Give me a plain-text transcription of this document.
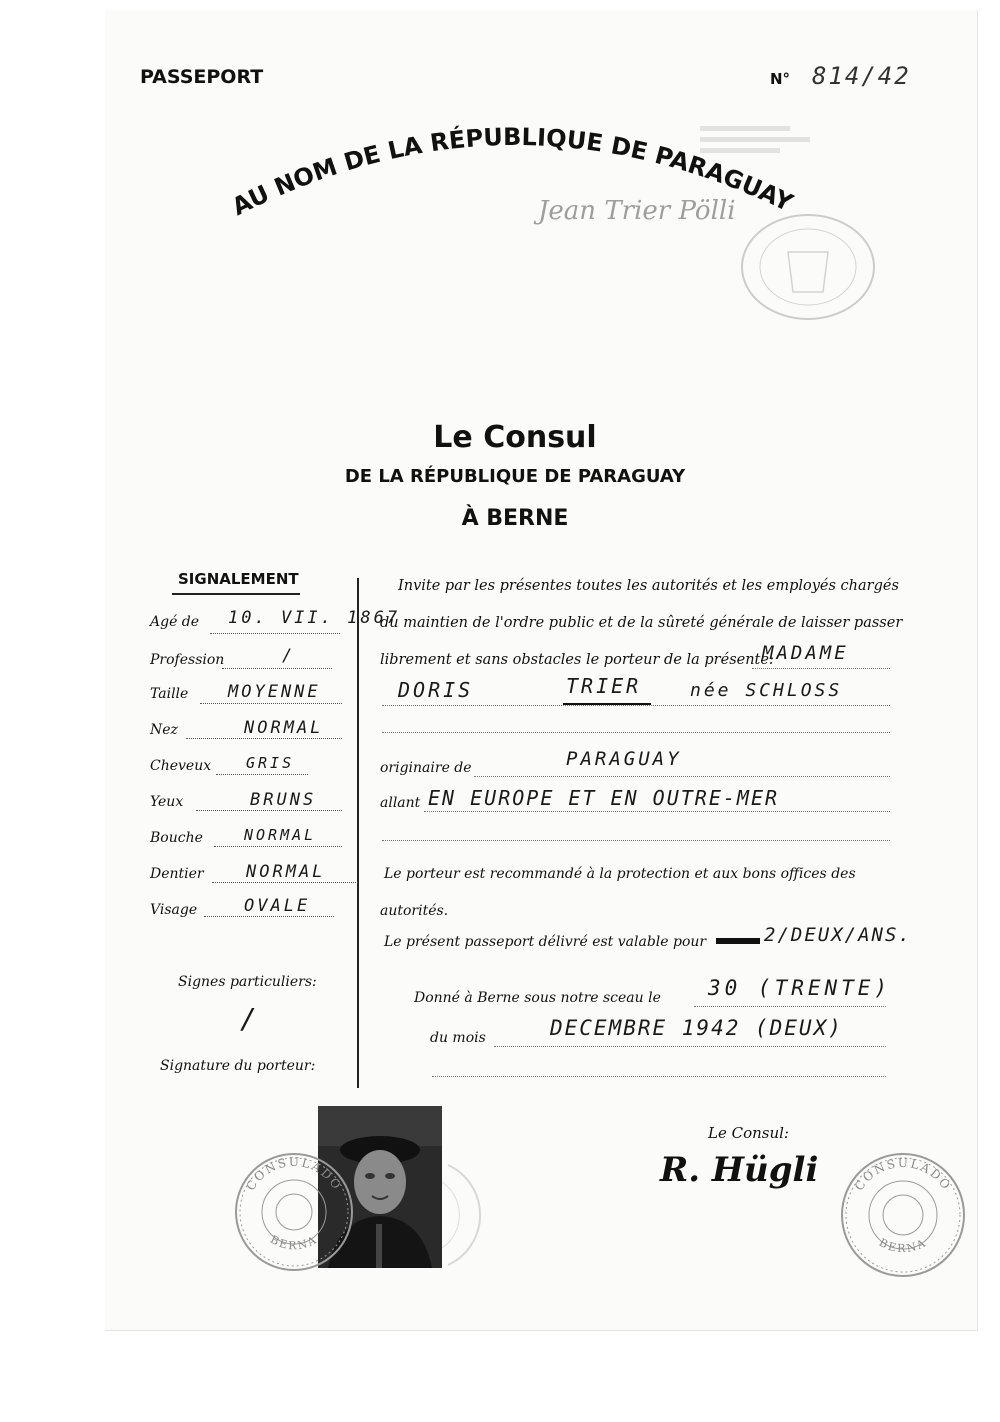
PASSEPORT	N° 814/42
AU NOM DE LA RÉPUBLIQUE DE PARAGUAY
Jean Trier Pölli
Le Consul
DE LA RÉPUBLIQUE DE PARAGUAY
À BERNE
SIGNALEMENT
Agé de 10. VII. 1867
Profession	/
Taille MOYENNE
Nez	NORMAL
Cheveux GRIS
Yeux	BRUNS
Bouche	NORMAL
Dentier NORMAL
Visage	OVALE
Signes particuliers:
/
Signature du porteur:
Invite par les présentes toutes les autorités et les employés chargés
du maintien de l'ordre public et de la sûreté générale de laisser passer
librement et sans obstacles le porteur de la présente:
MADAME
DORIS	TRIER	née SCHLOSS
originaire de	PARAGUAY
allant EN EUROPE ET EN OUTRE-MER
Le porteur est recommandé à la protection et aux bons offices des
autorités.
Le présent passeport délivré est valable pour	2/DEUX/ANS.
Donné à Berne sous notre sceau le 30 (TRENTE)
du mois	DECEMBRE 1942 (DEUX)
Le Consul:
R. Hügli
CONSULADO
BERNA
CONSULADO
BERNA
